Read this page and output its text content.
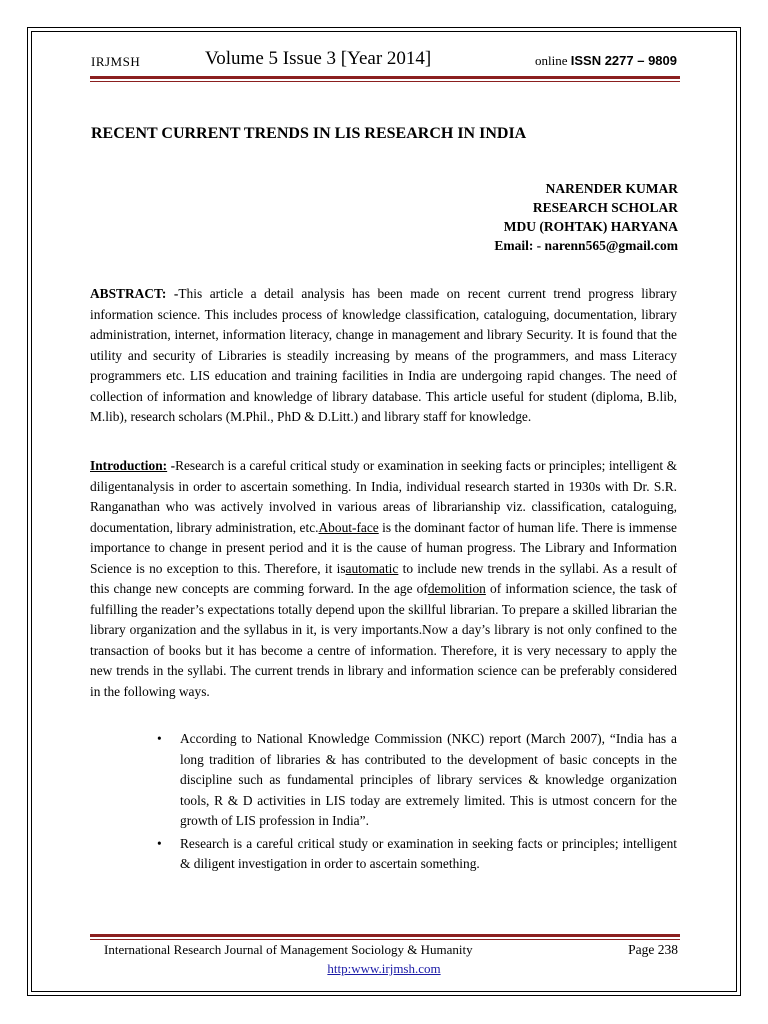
IRJMSH	Volume 5 Issue 3 [Year 2014]	online ISSN 2277 – 9809
RECENT CURRENT TRENDS IN LIS RESEARCH IN INDIA
NARENDER KUMAR
RESEARCH SCHOLAR
MDU (ROHTAK) HARYANA
Email: - narenn565@gmail.com
ABSTRACT: -This article a detail analysis has been made on recent current trend progress library information science. This includes process of knowledge classification, cataloguing, documentation, library administration, internet, information literacy, change in management and library Security. It is found that the utility and security of Libraries is steadily increasing by means of the programmers, and mass Literacy programmers etc. LIS education and training facilities in India are undergoing rapid changes. The need of collection of information and knowledge of library database. This article useful for student (diploma, B.lib, M.lib), research scholars (M.Phil., PhD & D.Litt.) and library staff for knowledge.
Introduction: -Research is a careful critical study or examination in seeking facts or principles; intelligent & diligentanalysis in order to ascertain something. In India, individual research started in 1930s with Dr. S.R. Ranganathan who was actively involved in various areas of librarianship viz. classification, cataloguing, documentation, library administration, etc.About-face is the dominant factor of human life. There is immense importance to change in present period and it is the cause of human progress. The Library and Information Science is no exception to this. Therefore, it isautomatic to include new trends in the syllabi. As a result of this change new concepts are comming forward. In the age ofdemolition of information science, the task of fulfilling the reader’s expectations totally depend upon the skillful librarian. To prepare a skilled librarian the library organization and the syllabus in it, is very importants.Now a day’s library is not only confined to the transaction of books but it has become a centre of information. Therefore, it is very necessary to apply the new trends in the syllabi. The current trends in library and information science can be preferably considered in the following ways.
• According to National Knowledge Commission (NKC) report (March 2007), “India has a long tradition of libraries & has contributed to the development of basic concepts in the discipline such as fundamental principles of library services & knowledge organization tools, R & D activities in LIS today are extremely limited. This is utmost concern for the growth of LIS profession in India”.
• Research is a careful critical study or examination in seeking facts or principles; intelligent & diligent investigation in order to ascertain something.
International Research Journal of Management Sociology & Humanity	Page 238
http:www.irjmsh.com
